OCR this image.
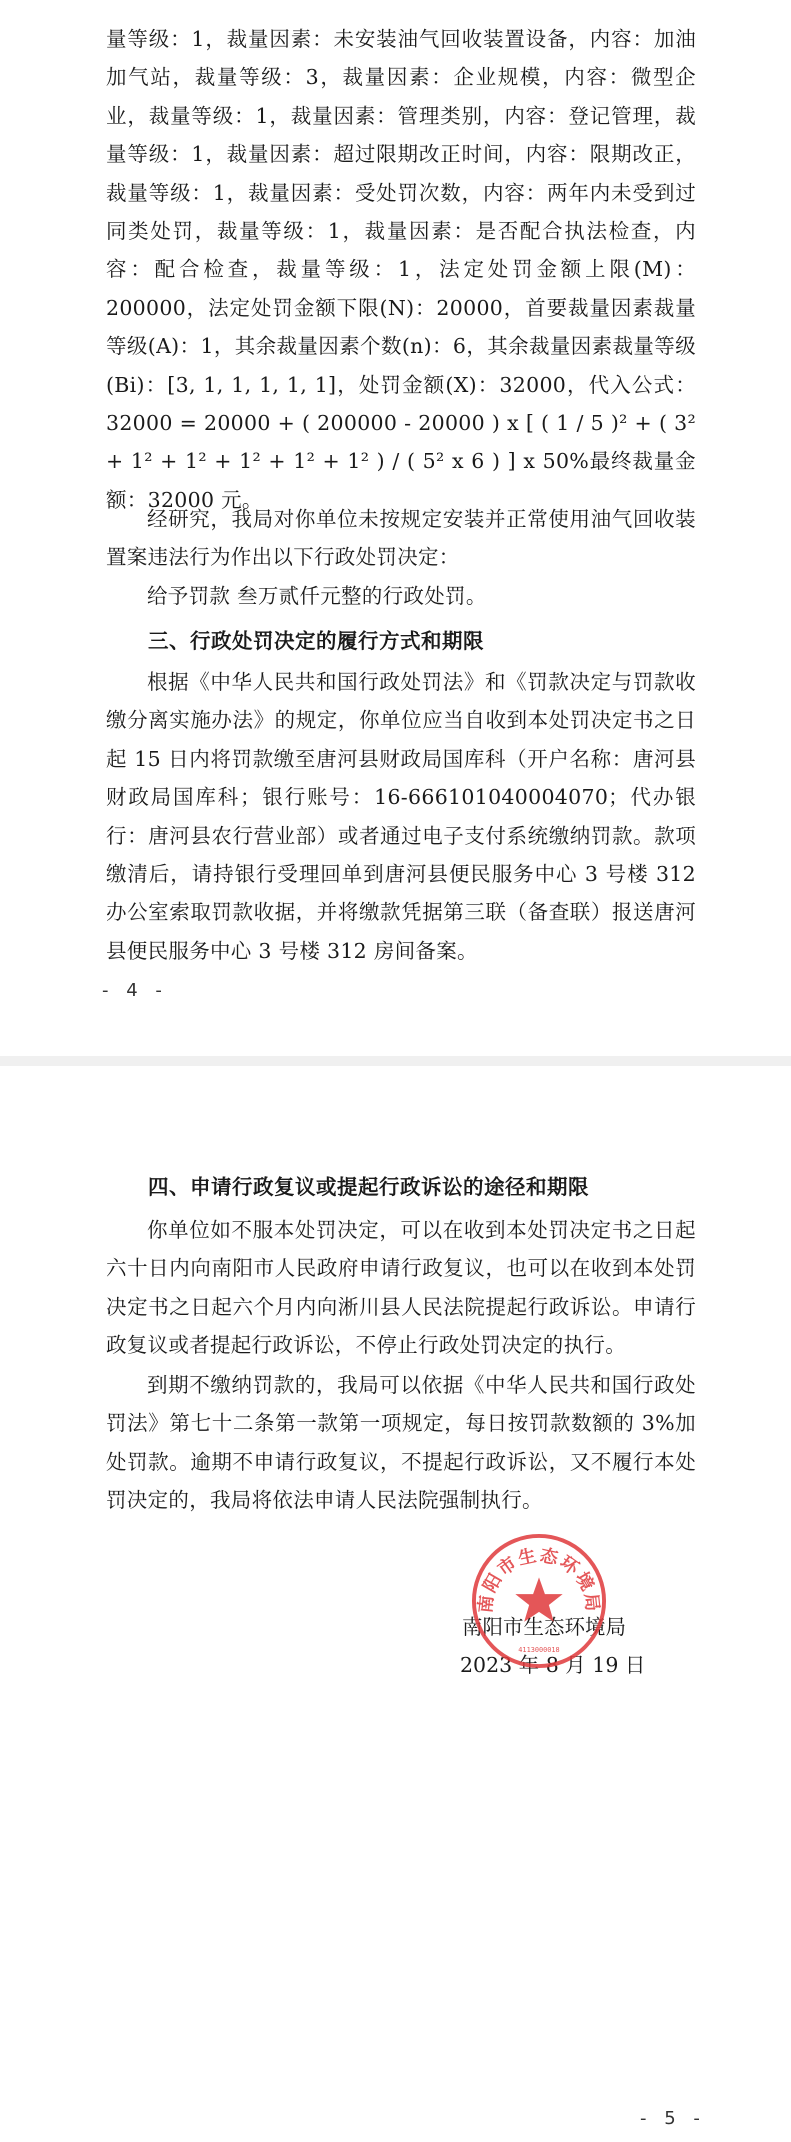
量等级：1，裁量因素：未安装油气回收装置设备，内容：加油加气站，裁量等级：3，裁量因素：企业规模，内容：微型企业，裁量等级：1，裁量因素：管理类别，内容：登记管理，裁量等级：1，裁量因素：超过限期改正时间，内容：限期改正，裁量等级：1，裁量因素：受处罚次数，内容：两年内未受到过同类处罚，裁量等级：1，裁量因素：是否配合执法检查，内容：配合检查，裁量等级：1，法定处罚金额上限(M)：200000，法定处罚金额下限(N)：20000，首要裁量因素裁量等级(A)：1，其余裁量因素个数(n)：6，其余裁量因素裁量等级(Bi)：[3, 1, 1, 1, 1, 1]，处罚金额(X)：32000，代入公式：32000 = 20000 + ( 200000 - 20000 ) x [ ( 1 / 5 )² + ( 3² + 1² + 1² + 1² + 1² + 1² ) / ( 5² x 6 ) ] x 50%最终裁量金额：32000 元。

经研究，我局对你单位未按规定安装并正常使用油气回收装置案违法行为作出以下行政处罚决定：

给予罚款 叁万贰仟元整的行政处罚。

三、行政处罚决定的履行方式和期限

根据《中华人民共和国行政处罚法》和《罚款决定与罚款收缴分离实施办法》的规定，你单位应当自收到本处罚决定书之日起 15 日内将罚款缴至唐河县财政局国库科（开户名称：唐河县财政局国库科；银行账号：16-666101040004070；代办银行：唐河县农行营业部）或者通过电子支付系统缴纳罚款。款项缴清后，请持银行受理回单到唐河县便民服务中心 3 号楼 312 办公室索取罚款收据，并将缴款凭据第三联（备查联）报送唐河县便民服务中心 3 号楼 312 房间备案。

- 4 -

四、申请行政复议或提起行政诉讼的途径和期限

你单位如不服本处罚决定，可以在收到本处罚决定书之日起六十日内向南阳市人民政府申请行政复议，也可以在收到本处罚决定书之日起六个月内向淅川县人民法院提起行政诉讼。申请行政复议或者提起行政诉讼，不停止行政处罚决定的执行。

到期不缴纳罚款的，我局可以依据《中华人民共和国行政处罚法》第七十二条第一款第一项规定，每日按罚款数额的 3%加处罚款。逾期不申请行政复议，不提起行政诉讼，又不履行本处罚决定的，我局将依法申请人民法院强制执行。

南阳市生态环境局
2023 年 8 月 19 日
- 5 -
南阳市生态环境局
4113000018
